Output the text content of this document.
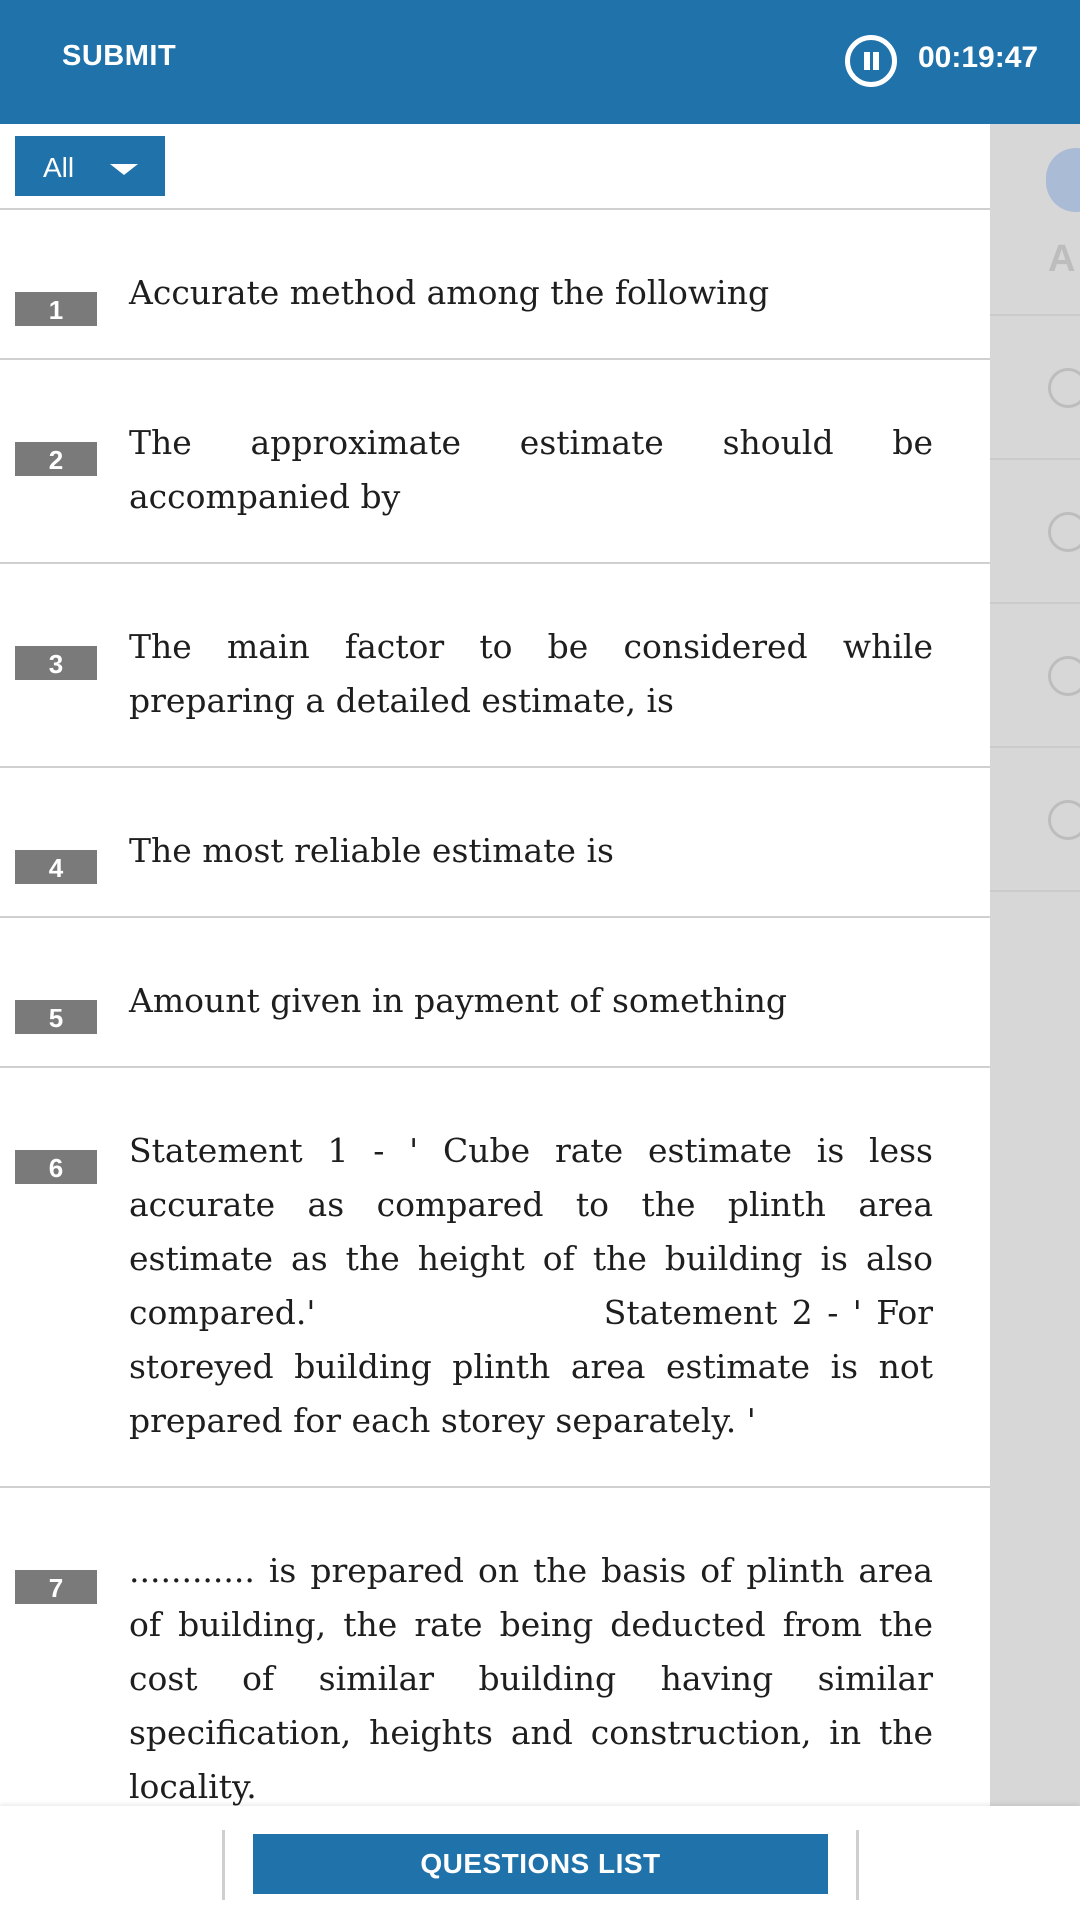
SUBMIT	00:19:47
All
1	Accurate method among the following
2	The approximate estimate should be accompanied by
3	The main factor to be considered while preparing a detailed estimate, is
4	The most reliable estimate is
5	Amount given in payment of something
6	Statement 1 - ' Cube rate estimate is less accurate as compared to the plinth area estimate as the height of the building is also compared.'                    Statement 2 - ' For storeyed building plinth area estimate is not prepared for each storey separately. '
7	............ is prepared on the basis of plinth area of building, the rate being deducted from the cost of similar building having similar specification, heights and construction, in the locality.
A
QUESTIONS LIST
